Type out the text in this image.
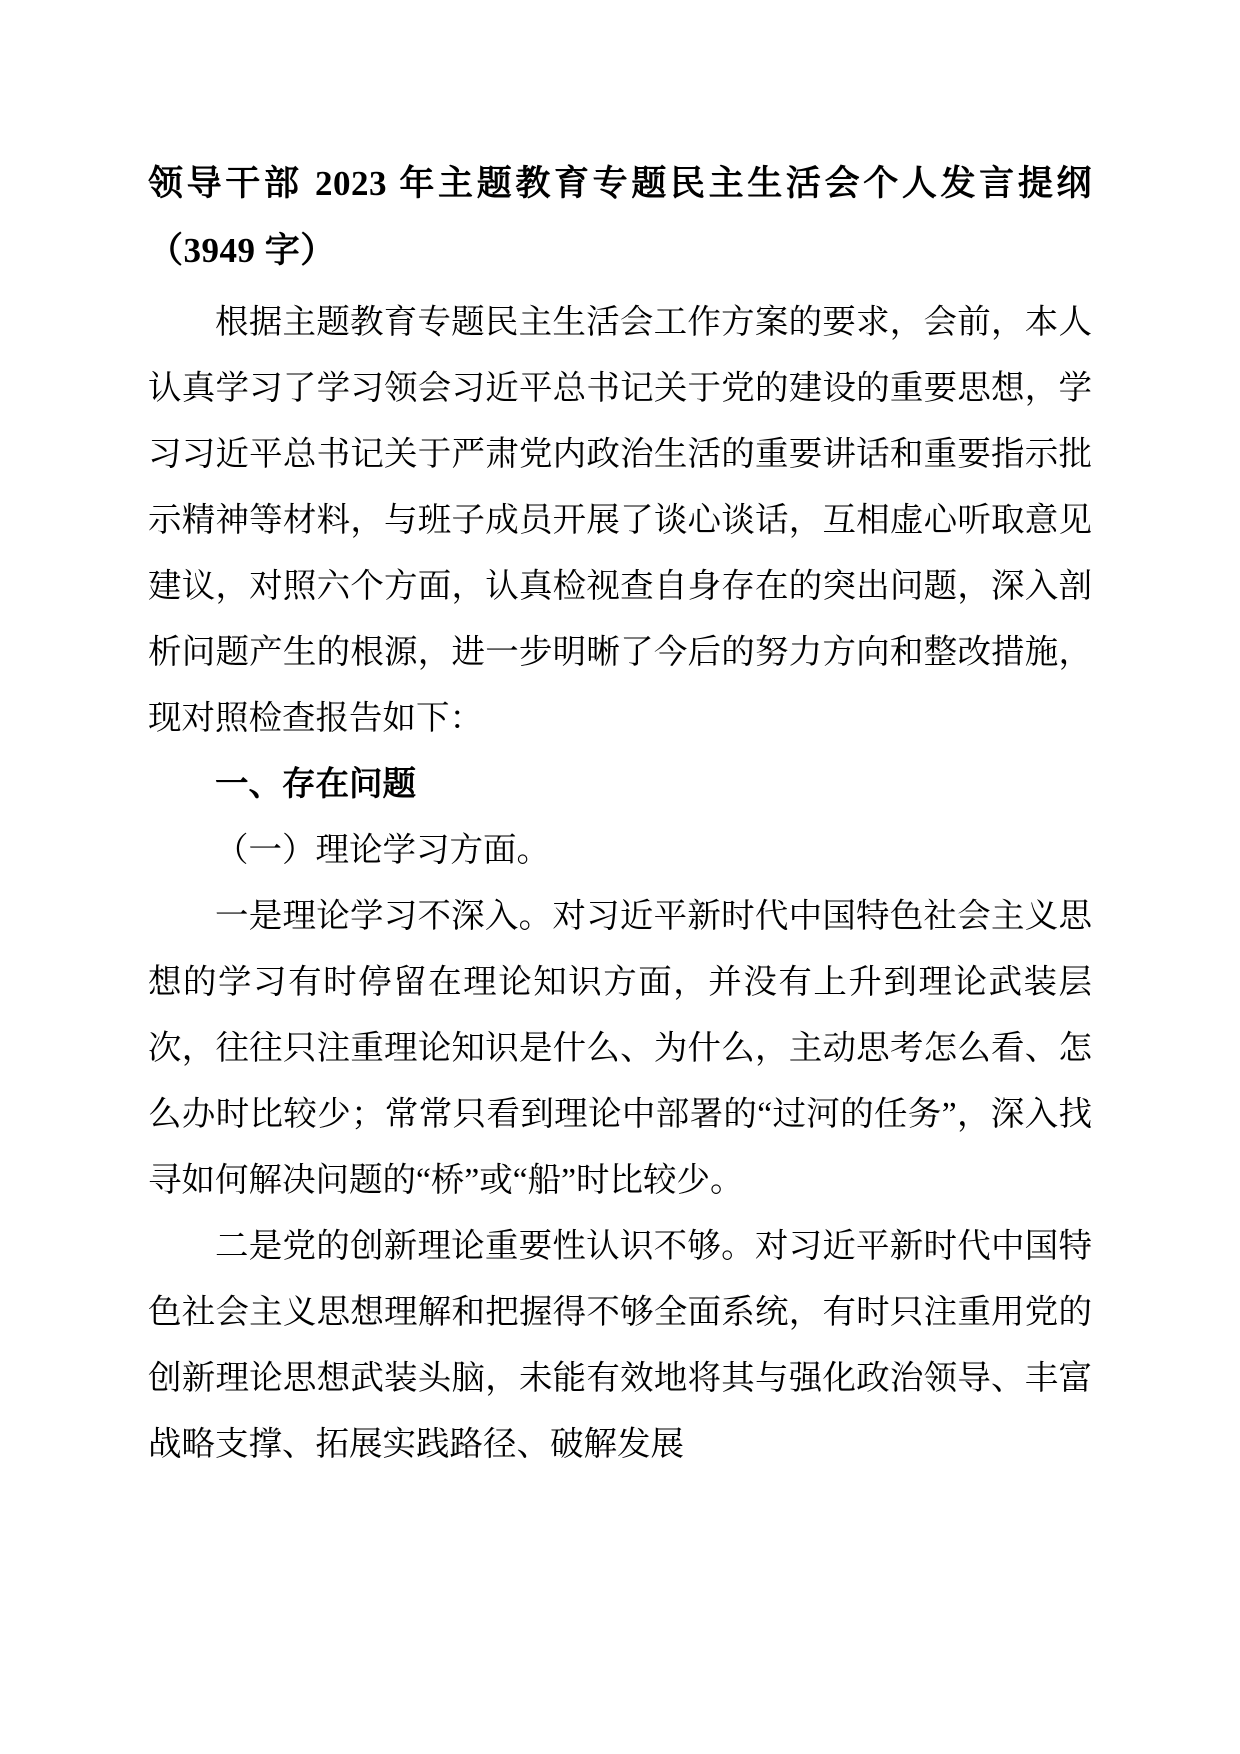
领导干部 2023 年主题教育专题民主生活会个人发言提纲（3949 字）

根据主题教育专题民主生活会工作方案的要求，会前，本人认真学习了学习领会习近平总书记关于党的建设的重要思想，学习习近平总书记关于严肃党内政治生活的重要讲话和重要指示批示精神等材料，与班子成员开展了谈心谈话，互相虚心听取意见建议，对照六个方面，认真检视查自身存在的突出问题，深入剖析问题产生的根源，进一步明晰了今后的努力方向和整改措施，现对照检查报告如下：

一、存在问题

（一）理论学习方面。

一是理论学习不深入。对习近平新时代中国特色社会主义思想的学习有时停留在理论知识方面，并没有上升到理论武装层次，往往只注重理论知识是什么、为什么，主动思考怎么看、怎么办时比较少；常常只看到理论中部署的“过河的任务”，深入找寻如何解决问题的“桥”或“船”时比较少。

二是党的创新理论重要性认识不够。对习近平新时代中国特色社会主义思想理解和把握得不够全面系统，有时只注重用党的创新理论思想武装头脑，未能有效地将其与强化政治领导、丰富战略支撑、拓展实践路径、破解发展
